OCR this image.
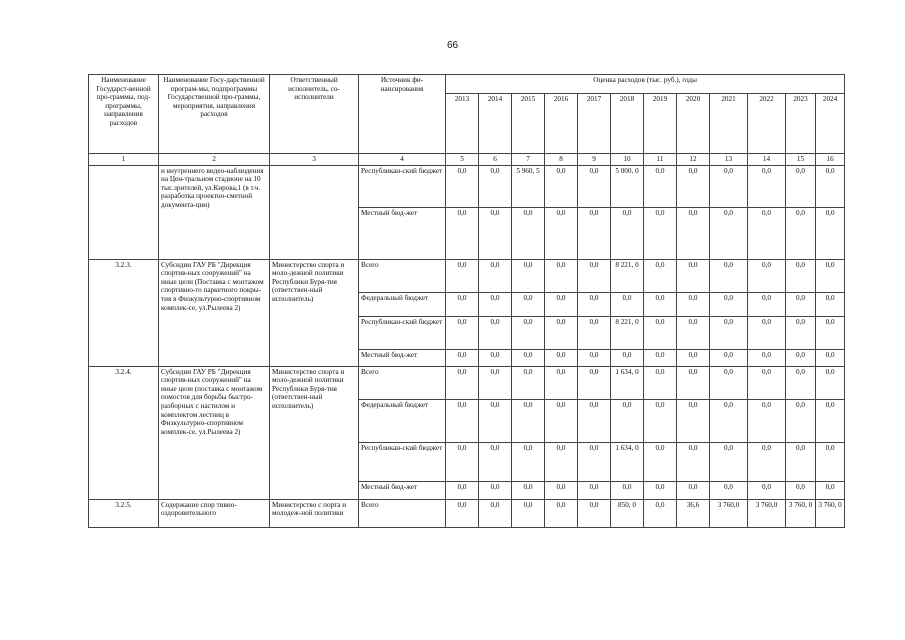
66
Наименование Государст-венной про-граммы, под-программы, направления расходов	Наименование Госу-дарственной програм-мы, подпрограммы Государственной про-граммы, мероприятия, направления расходов	Ответственный исполнитель, со-исполнители	Источник фи-нансирования	Оценка расходов (тыс. руб.), годы											
				2013	2014	2015	2016	2017	2018	2019	2020	2021	2022	2023	2024
1	2	3	4	5	6	7	8	9	10	11	12	13	14	15	16
	и внутреннего видео-наблюдения на Цен-тральном стадионе на 10 тыс.зрителей, ул.Кирова,1 (в т.ч. разработка проектно-сметной документа-ции)		Республикан-ский бюджет	0,0	0,0	5 960, 5	0,0	0,0	5 000, 0	0,0	0,0	0,0	0,0	0,0	0,0
			Местный бюд-жет	0,0	0,0	0,0	0,0	0,0	0,0	0,0	0,0	0,0	0,0	0,0	0,0
3.2.3.	Субсидии ГАУ РБ "Дирекция спортив-ных сооружений" на иные цели (Поставка с монтажом спортивно-го паркетного покры-тия в Физкультурно-спортивном комплек-се, ул.Рылеева 2)	Министерство спорта и моло-дежной политики Республики Буря-тия (ответствен-ный исполнитель)	Всего	0,0	0,0	0,0	0,0	0,0	8 221, 0	0,0	0,0	0,0	0,0	0,0	0,0
			Федеральный бюджет	0,0	0,0	0,0	0,0	0,0	0,0	0,0	0,0	0,0	0,0	0,0	0,0
			Республикан-ский бюджет	0,0	0,0	0,0	0,0	0,0	8 221, 0	0,0	0,0	0,0	0,0	0,0	0,0
			Местный бюд-жет	0,0	0,0	0,0	0,0	0,0	0,0	0,0	0,0	0,0	0,0	0,0	0,0
3.2.4.	Субсидии ГАУ РБ "Дирекция спортив-ных сооружений" на иные цели (поставка с монтажом помостов для борьбы быстро-разборных с настилом и комплектом лестниц в Физкультурно-спортивном комплек-се, ул.Рылеева 2)	Министерство спорта и моло-дежной политики Республики Буря-тия (ответствен-ный исполнитель)	Всего	0,0	0,0	0,0	0,0	0,0	1 634, 0	0,0	0,0	0,0	0,0	0,0	0,0
			Федеральный бюджет	0,0	0,0	0,0	0,0	0,0	0,0	0,0	0,0	0,0	0,0	0,0	0,0
			Республикан-ский бюджет	0,0	0,0	0,0	0,0	0,0	1 634, 0	0,0	0,0	0,0	0,0	0,0	0,0
			Местный бюд-жет	0,0	0,0	0,0	0,0	0,0	0,0	0,0	0,0	0,0	0,0	0,0	0,0
3.2.5.	Содержание спор тивно-оздоровительного	Министерство с порта и молодеж-ной политики	Всего	0,0	0,0	0,0	0,0	0,0	850, 0	0,0	36,6	3 760,0	3 760,0	3 760, 0	3 760, 0
